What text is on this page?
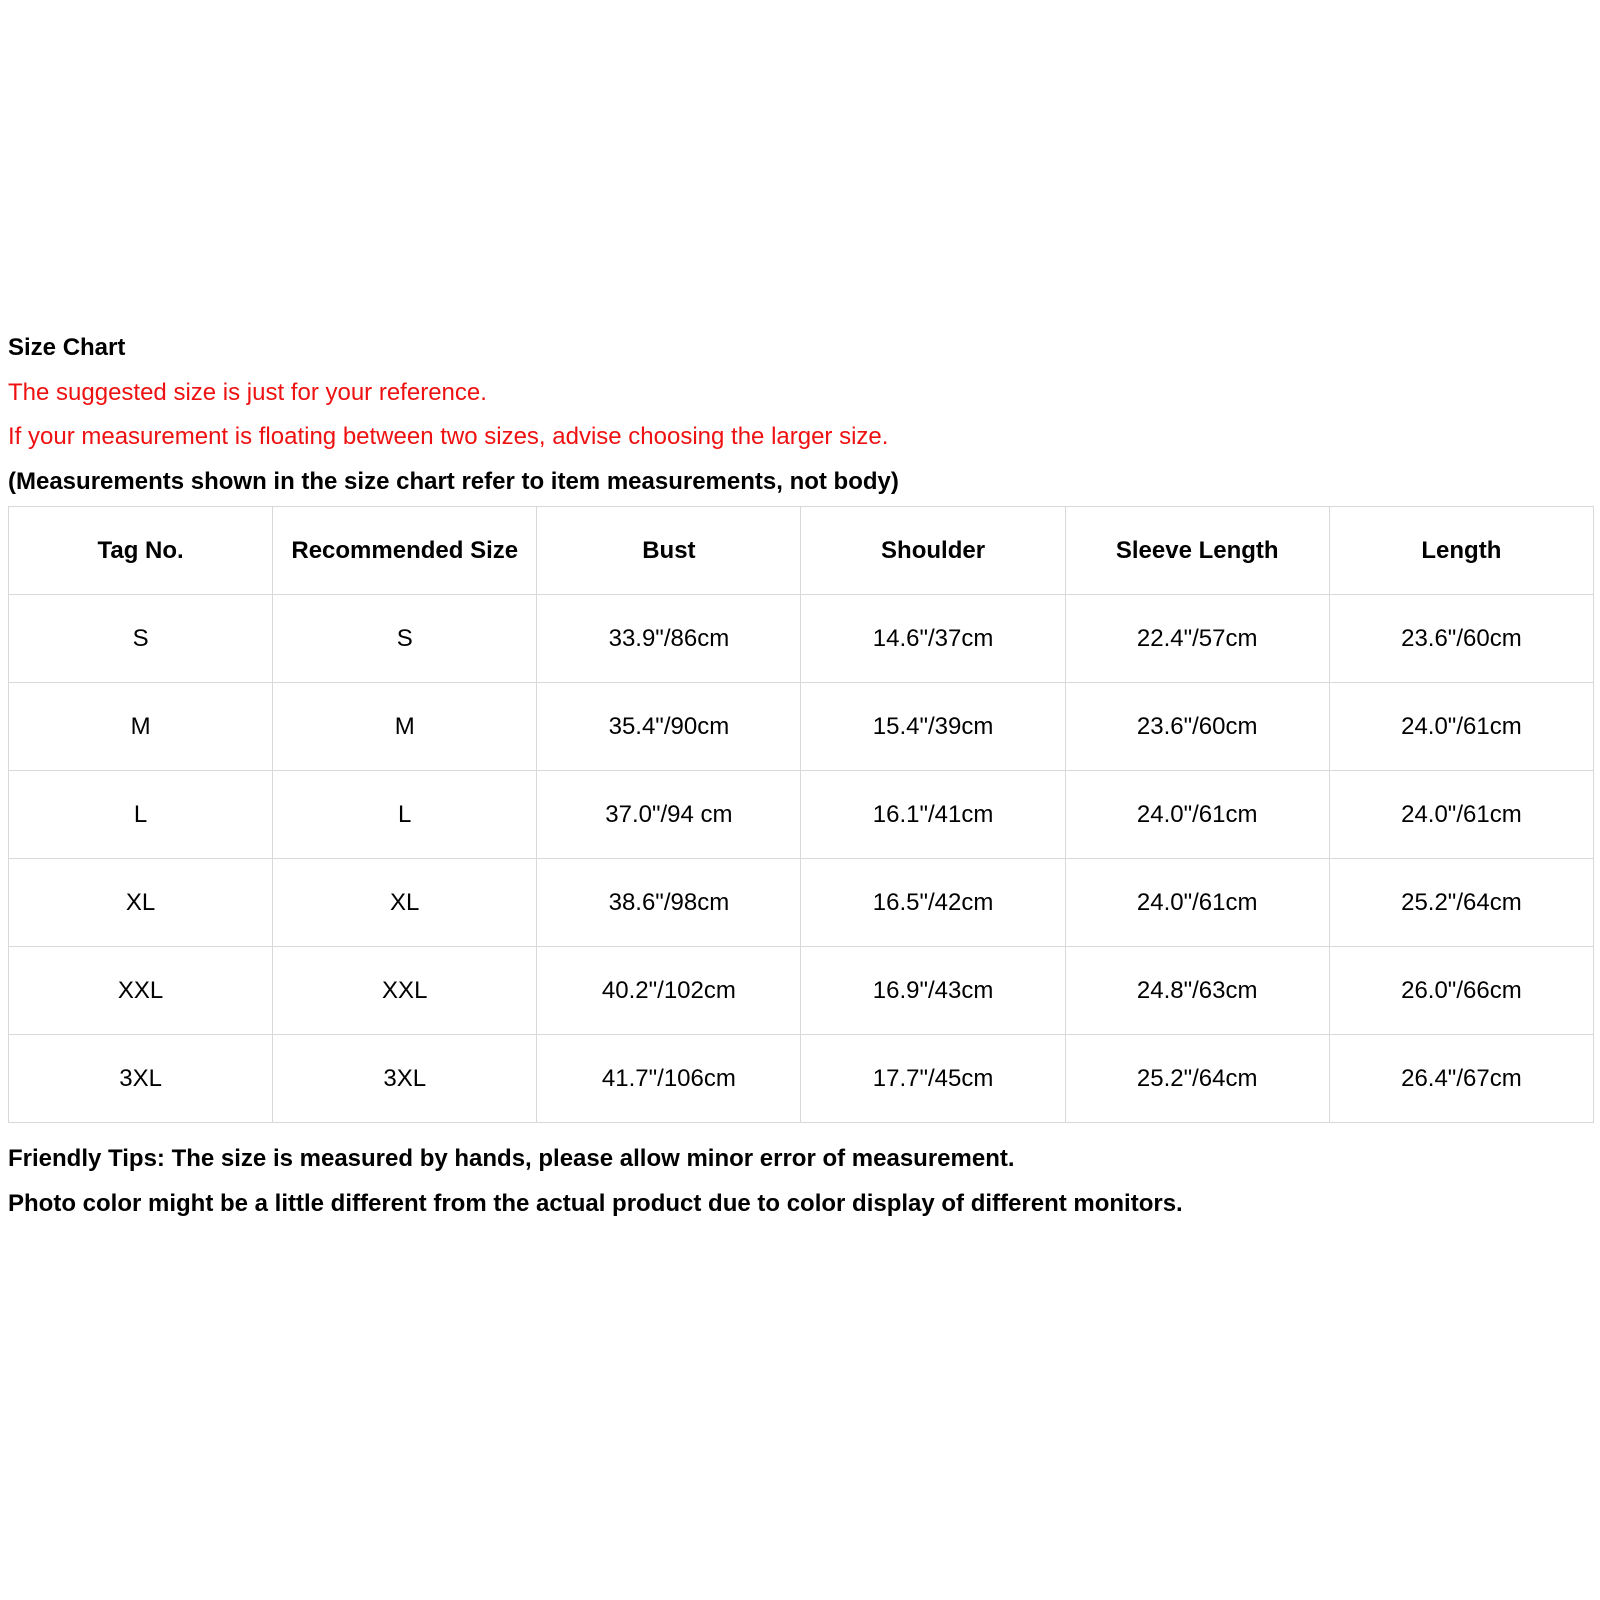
Size Chart
The suggested size is just for your reference.
If your measurement is floating between two sizes, advise choosing the larger size.
(Measurements shown in the size chart refer to item measurements, not body)
Tag No.	Recommended Size	Bust	Shoulder	Sleeve Length	Length
S	S	33.9"/86cm	14.6"/37cm	22.4"/57cm	23.6"/60cm
M	M	35.4"/90cm	15.4"/39cm	23.6"/60cm	24.0"/61cm
L	L	37.0"/94 cm	16.1"/41cm	24.0"/61cm	24.0"/61cm
XL	XL	38.6"/98cm	16.5"/42cm	24.0"/61cm	25.2"/64cm
XXL	XXL	40.2"/102cm	16.9"/43cm	24.8"/63cm	26.0"/66cm
3XL	3XL	41.7"/106cm	17.7"/45cm	25.2"/64cm	26.4"/67cm
Friendly Tips: The size is measured by hands, please allow minor error of measurement.
Photo color might be a little different from the actual product due to color display of different monitors.
